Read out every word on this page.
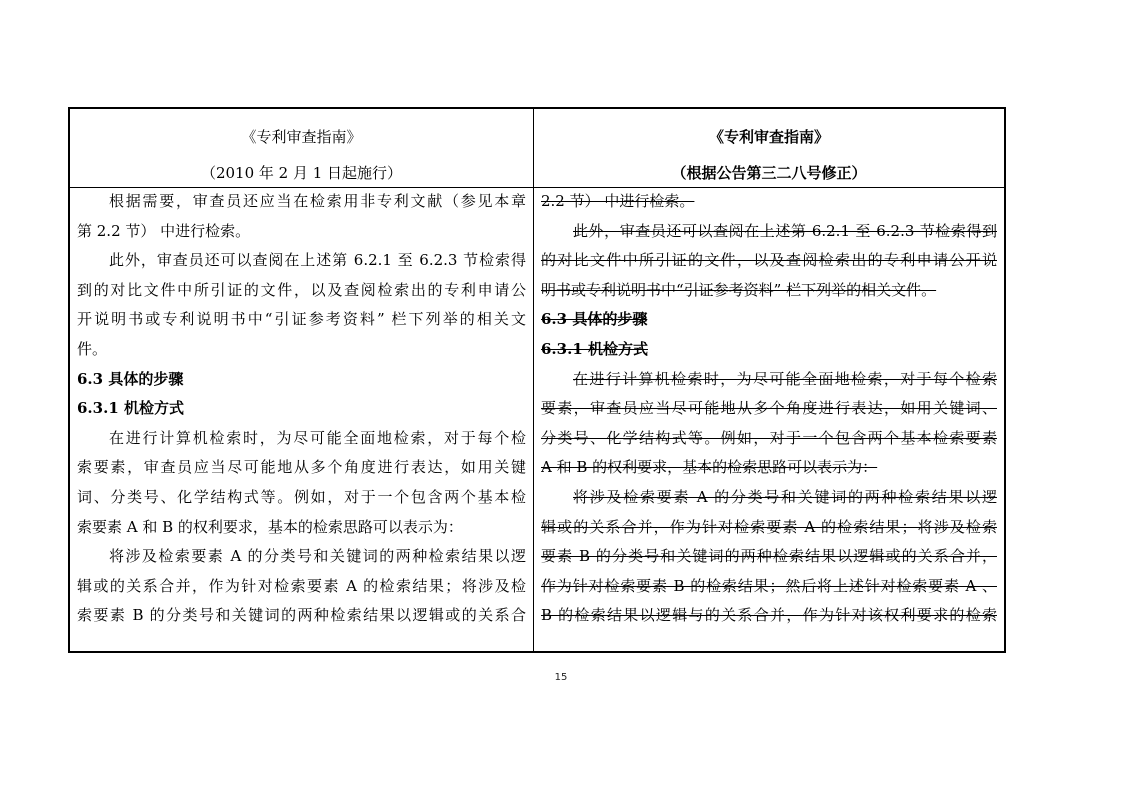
《专利审查指南》
（2010 年 2 月 1 日起施行）
根据需要，审查员还应当在检索用非专利文献（参见本章
第 2.2 节） 中进行检索。
此外，审查员还可以查阅在上述第 6.2.1 至 6.2.3 节检索得
到的对比文件中所引证的文件，以及查阅检索出的专利申请公
开说明书或专利说明书中“引证参考资料” 栏下列举的相关文
件。
6.3 具体的步骤
6.3.1 机检方式
在进行计算机检索时，为尽可能全面地检索，对于每个检
索要素，审查员应当尽可能地从多个角度进行表达，如用关键
词、分类号、化学结构式等。例如，对于一个包含两个基本检
索要素 A 和 B 的权利要求，基本的检索思路可以表示为：
将涉及检索要素 A 的分类号和关键词的两种检索结果以逻
辑或的关系合并，作为针对检索要素 A 的检索结果；将涉及检
索要素 B 的分类号和关键词的两种检索结果以逻辑或的关系合
《专利审查指南》
（根据公告第三二八号修正）
2.2 节） 中进行检索。
此外，审查员还可以查阅在上述第 6.2.1 至 6.2.3 节检索得到
的对比文件中所引证的文件，以及查阅检索出的专利申请公开说
明书或专利说明书中“引证参考资料” 栏下列举的相关文件。
6.3 具体的步骤
6.3.1 机检方式
在进行计算机检索时，为尽可能全面地检索，对于每个检索
要素，审查员应当尽可能地从多个角度进行表达，如用关键词、
分类号、化学结构式等。例如，对于一个包含两个基本检索要素
A 和 B 的权利要求，基本的检索思路可以表示为：
将涉及检索要素 A 的分类号和关键词的两种检索结果以逻
辑或的关系合并，作为针对检索要素 A 的检索结果；将涉及检索
要素 B 的分类号和关键词的两种检索结果以逻辑或的关系合并，
作为针对检索要素 B 的检索结果；然后将上述针对检索要素 A 、
B 的检索结果以逻辑与的关系合并，作为针对该权利要求的检索
15
